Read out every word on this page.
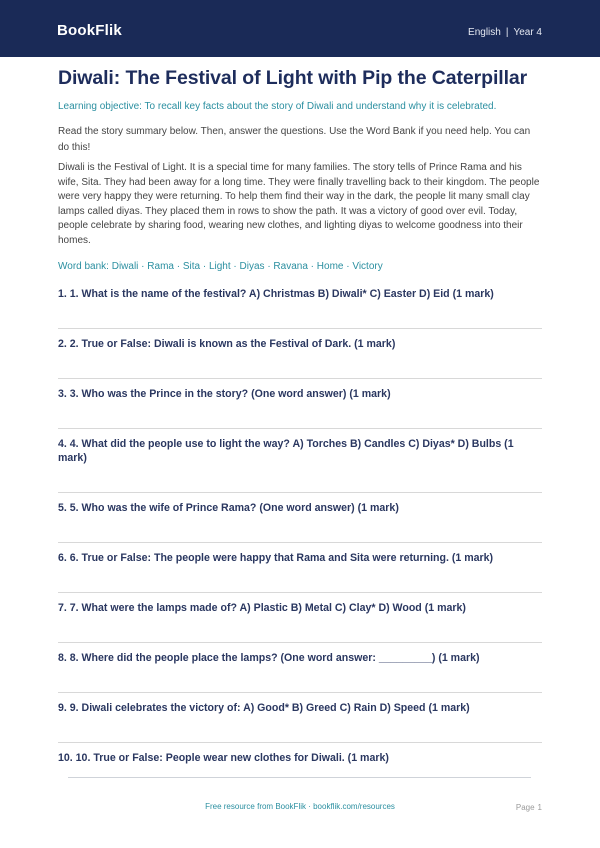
BookFlik	English | Year 4
Diwali: The Festival of Light with Pip the Caterpillar
Learning objective: To recall key facts about the story of Diwali and understand why it is celebrated.
Read the story summary below. Then, answer the questions. Use the Word Bank if you need help. You can do this!
Diwali is the Festival of Light. It is a special time for many families. The story tells of Prince Rama and his wife, Sita. They had been away for a long time. They were finally travelling back to their kingdom. The people were very happy they were returning. To help them find their way in the dark, the people lit many small clay lamps called diyas. They placed them in rows to show the path. It was a victory of good over evil. Today, people celebrate by sharing food, wearing new clothes, and lighting diyas to welcome goodness into their homes.
Word bank: Diwali · Rama · Sita · Light · Diyas · Ravana · Home · Victory
1. 1. What is the name of the festival? A) Christmas B) Diwali* C) Easter D) Eid (1 mark)
2. 2. True or False: Diwali is known as the Festival of Dark. (1 mark)
3. 3. Who was the Prince in the story? (One word answer) (1 mark)
4. 4. What did the people use to light the way? A) Torches B) Candles C) Diyas* D) Bulbs (1 mark)
5. 5. Who was the wife of Prince Rama? (One word answer) (1 mark)
6. 6. True or False: The people were happy that Rama and Sita were returning. (1 mark)
7. 7. What were the lamps made of? A) Plastic B) Metal C) Clay* D) Wood (1 mark)
8. 8. Where did the people place the lamps? (One word answer: _________) (1 mark)
9. 9. Diwali celebrates the victory of: A) Good* B) Greed C) Rain D) Speed (1 mark)
10. 10. True or False: People wear new clothes for Diwali. (1 mark)
Free resource from BookFlik · bookflik.com/resources	Page 1
